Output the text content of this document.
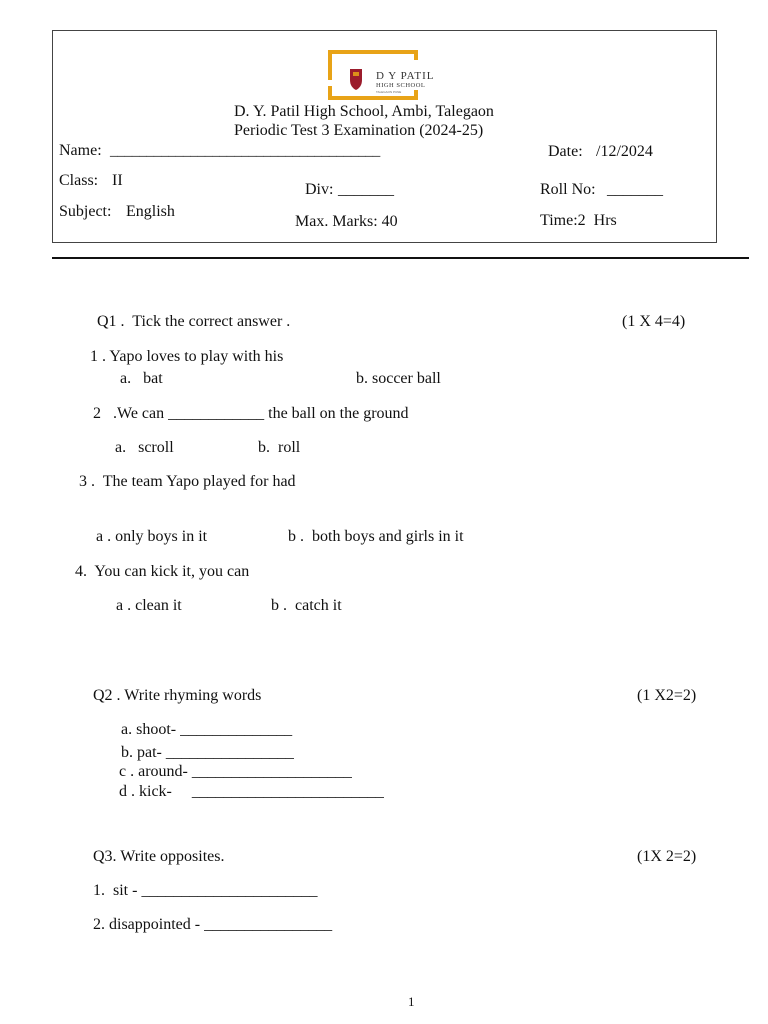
D Y PATIL
HIGH SCHOOL
TALEGAON PUNE
D. Y. Patil High School, Ambi, Talegaon
Periodic Test 3 Examination (2024-25)
Name: _____________________________________	Date: /12/2024
Class: II
Div: _______	Roll No: _______
Subject: English
Max. Marks: 40	Time:2  Hrs
Q1 .  Tick the correct answer .	(1 X 4=4)
1 . Yapo loves to play with his
a.   bat	b. soccer ball
2   .We can ____________ the ball on the ground
a.   scroll	b.  roll
3 .  The team Yapo played for had
a . only boys in it	b .  both boys and girls in it
4.  You can kick it, you can
a . clean it	b .  catch it
Q2 . Write rhyming words	(1 X2=2)
a. shoot- ______________
b. pat- ________________
c . around- ____________________
d . kick-     ________________________
Q3. Write opposites.	(1X 2=2)
1.  sit - ______________________
2. disappointed - ________________
1
